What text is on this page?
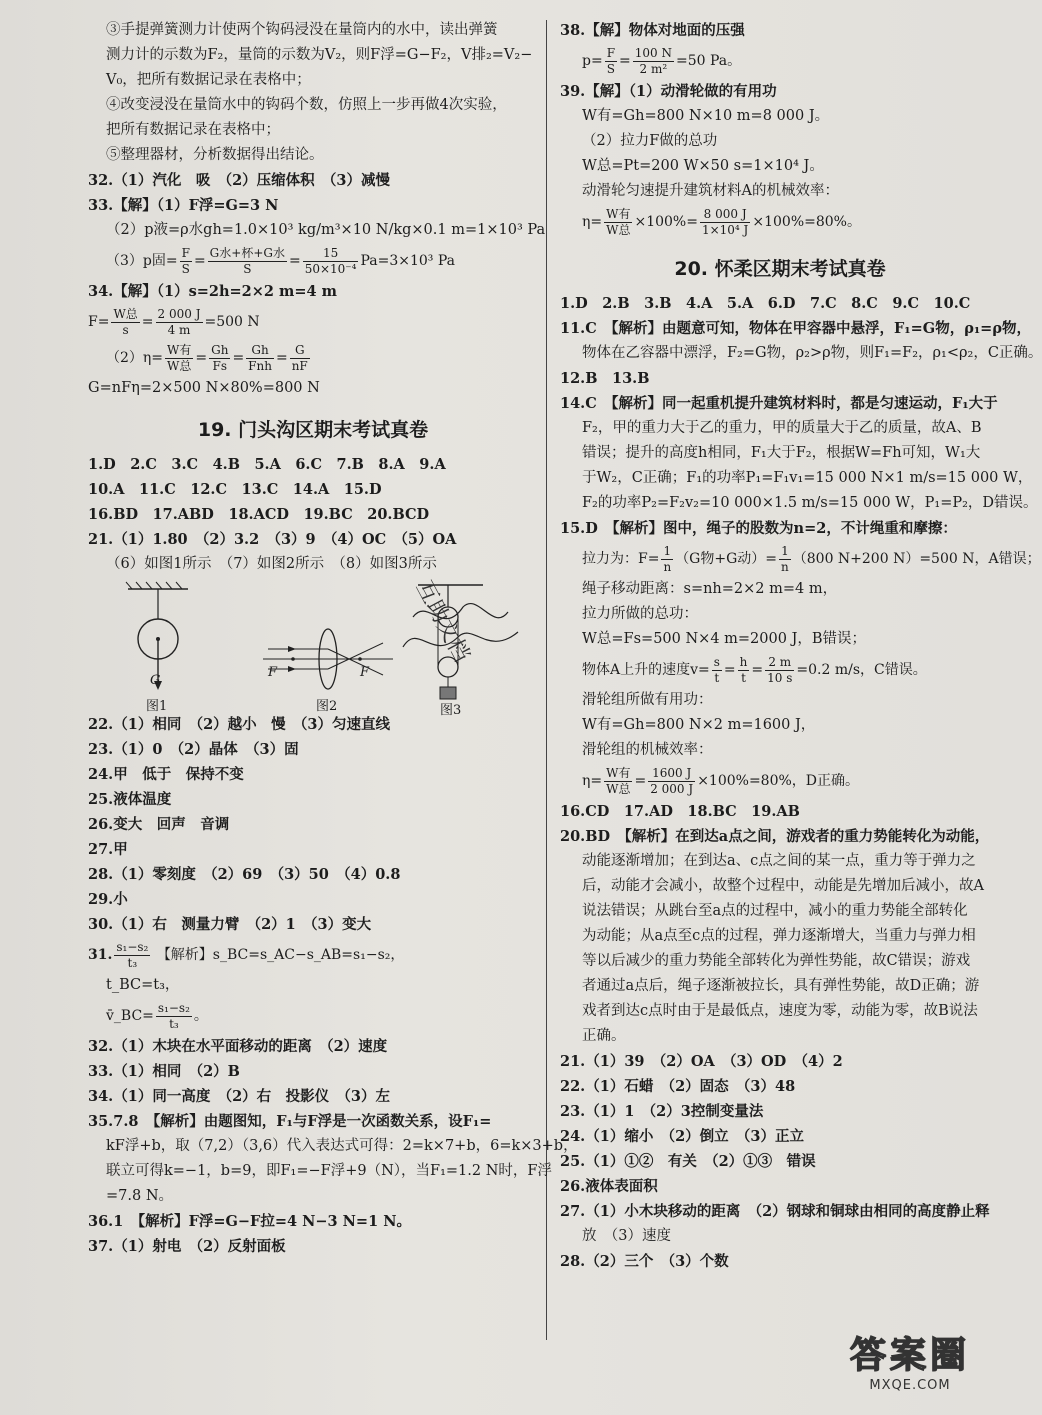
③手提弹簧测力计使两个钩码浸没在量筒内的水中，读出弹簧

测力计的示数为F₂，量筒的示数为V₂，则F浮=G−F₂，V排₂=V₂−

V₀，把所有数据记录在表格中；

④改变浸没在量筒水中的钩码个数，仿照上一步再做4次实验，

把所有数据记录在表格中；

⑤整理器材，分析数据得出结论。

32.（1）汽化　吸　（2）压缩体积　（3）减慢

33.【解】（1）F浮=G=3 N

（2）p液=ρ水gh=1.0×10³ kg/m³×10 N/kg×0.1 m=1×10³ Pa

（3）p固= $\frac{F}{S} = \frac{\text{G水+杯+G水}}{S} = \frac{15}{\text{50×10⁻⁴}} Pa=3\times 10^3$ Pa

34.【解】（1）s=2h=2×2 m=4 m

$F= \frac{\text{W总}}{s} = \frac{2 000 J}{4 m} =500$ N
$(2)\eta= \frac{\text{W有}}{\text{W总}} = \frac{Gh}{Fs} = \frac{Gh}{\text{Fnh}} = \frac{G}{nF}$

G=nFη=2×500 N×80%=800 N

19. 门头沟区期末考试真卷

1.D　2.C　3.C　4.B　5.A　6.C　7.B　8.A　9.A

10.A　11.C　12.C　13.C　14.A　15.D

16.BD　17.ABD　18.ACD　19.BC　20.BCD

21.（1）1.80　（2）3.2　（3）9　（4）OC　（5）OA

（6）如图1所示　（7）如图2所示　（8）如图3所示

G
F	F
图1	图2	图3

22.（1）相同　（2）越小　慢　（3）匀速直线

23.（1）0　（2）晶体　（3）固

24.甲　低于　保持不变

25.液体温度

26.变大　回声　音调

27.甲

28.（1）零刻度　（2）69　（3）50　（4）0.8

29.小

30.（1）右　测量力臂　（2）1　（3）变大

31. $\frac{\text{s₁−s₂}}{\text{t₃}}$ 【解析】s_BC=s_AC−s_AB=s₁−s₂，

t_BC=t₃，

v̄_BC= $\frac{\text{s₁−s₂}}{\text{t₃}}$ 。

32.（1）木块在水平面移动的距离　（2）速度

33.（1）相同　（2）B

34.（1）同一高度　（2）右　投影仪　（3）左

35.7.8　【解析】由题图知，F₁与F浮是一次函数关系，设F₁=

kF浮+b，取（7,2）（3,6）代入表达式可得：2=k×7+b，6=k×3+b，

联立可得k=−1，b=9，即F₁=−F浮+9（N），当F₁=1.2 N时，F浮

=7.8 N。

36.1　【解析】F浮=G−F拉=4 N−3 N=1 N。

37.（1）射电　（2）反射面板

38.【解】物体对地面的压强

$p= \frac{F}{S} = \frac{100 N}{\text{2 m²}} =50$ Pa。

39.【解】（1）动滑轮做的有用功

W有=Gh=800 N×10 m=8 000 J。

（2）拉力F做的总功

W总=Pt=200 W×50 s=1×10⁴ J。

动滑轮匀速提升建筑材料A的机械效率：

$\eta= \frac{\text{W有}}{\text{W总}} \times 100\%= \frac{8 000 J}{\text{1×10⁴ J}} \times 100\%=80\%$。
20. 怀柔区期末考试真卷

1.D　2.B　3.B　4.A　5.A　6.D　7.C　8.C　9.C　10.C

11.C　【解析】由题意可知，物体在甲容器中悬浮，F₁=G物，ρ₁=ρ物，

物体在乙容器中漂浮，F₂=G物，ρ₂>ρ物，则F₁=F₂，ρ₁<ρ₂，C正确。

12.B　13.B

14.C　【解析】同一起重机提升建筑材料时，都是匀速运动，F₁大于

F₂，甲的重力大于乙的重力，甲的质量大于乙的质量，故A、B

错误；提升的高度h相同，F₁大于F₂，根据W=Fh可知，W₁大

于W₂，C正确；F₁的功率P₁=F₁v₁=15 000 N×1 m/s=15 000 W，

F₂的功率P₂=F₂v₂=10 000×1.5 m/s=15 000 W，P₁=P₂，D错误。

15.D　【解析】图中，绳子的股数为n=2，不计绳重和摩擦：

拉力为：$F= \frac{1}{n} (G$物+G动）= $\frac{1}{n} (800$ N+200 N）=500 N，A错误；

绳子移动距离：s=nh=2×2 m=4 m，

拉力所做的总功：

W总=Fs=500 N×4 m=2000 J，B错误；

物体A上升的速度$v= \frac{s}{t} = \frac{h}{t} = \frac{2 m}{10 s} =0.2$ m/s，C错误。

滑轮组所做有用功：

W有=Gh=800 N×2 m=1600 J，

滑轮组的机械效率：

$\eta= \frac{\text{W有}}{\text{W总}} = \frac{1600 J}{2 000 J} \times 100\%=80\%$，D正确。

16.CD　17.AD　18.BC　19.AB

20.BD　【解析】在到达a点之间，游戏者的重力势能转化为动能，

动能逐渐增加；在到达a、c点之间的某一点，重力等于弹力之

后，动能才会减小，故整个过程中，动能是先增加后减小，故A

说法错误；从跳台至a点的过程中，减小的重力势能全部转化

为动能；从a点至c点的过程，弹力逐渐增大，当重力与弹力相

等以后减少的重力势能全部转化为弹性势能，故C错误；游戏

者通过a点后，绳子逐渐被拉长，具有弹性势能，故D正确；游

戏者到达c点时由于是最低点，速度为零，动能为零，故B说法

正确。

21.（1）39　（2）OA　（3）OD　（4）2

22.（1）石蜡　（2）固态　（3）48

23.（1）1　（2）3控制变量法

24.（1）缩小　（2）倒立　（3）正立

25.（1）①②　有关　（2）①③　错误

26.液体表面积

27.（1）小木块移动的距离　（2）钢球和铜球由相同的高度静止释

放　（3）速度

28.（2）三个　（3）个数

互助文档
答案圈
MXQE.COM
